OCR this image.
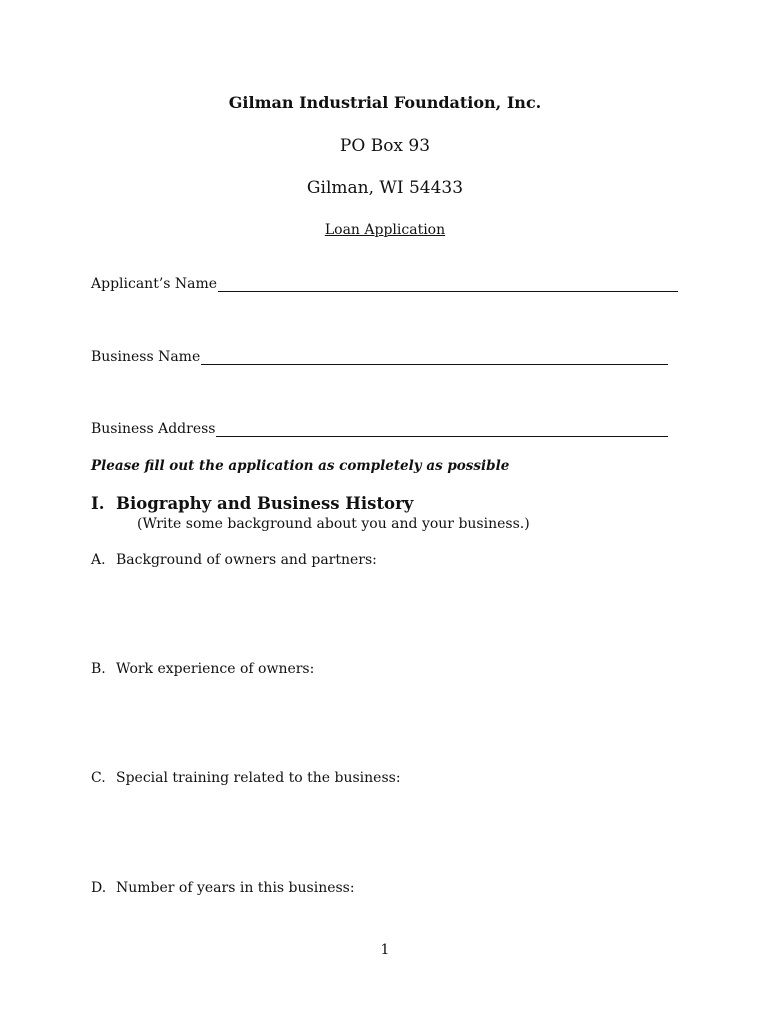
Gilman Industrial Foundation, Inc.
PO Box 93
Gilman, WI 54433
Loan Application
Applicant’s Name
Business Name
Business Address
Please fill out the application as completely as possible
I. Biography and Business History
(Write some background about you and your business.)
A. Background of owners and partners:
B. Work experience of owners:
C. Special training related to the business:
D. Number of years in this business:
1
